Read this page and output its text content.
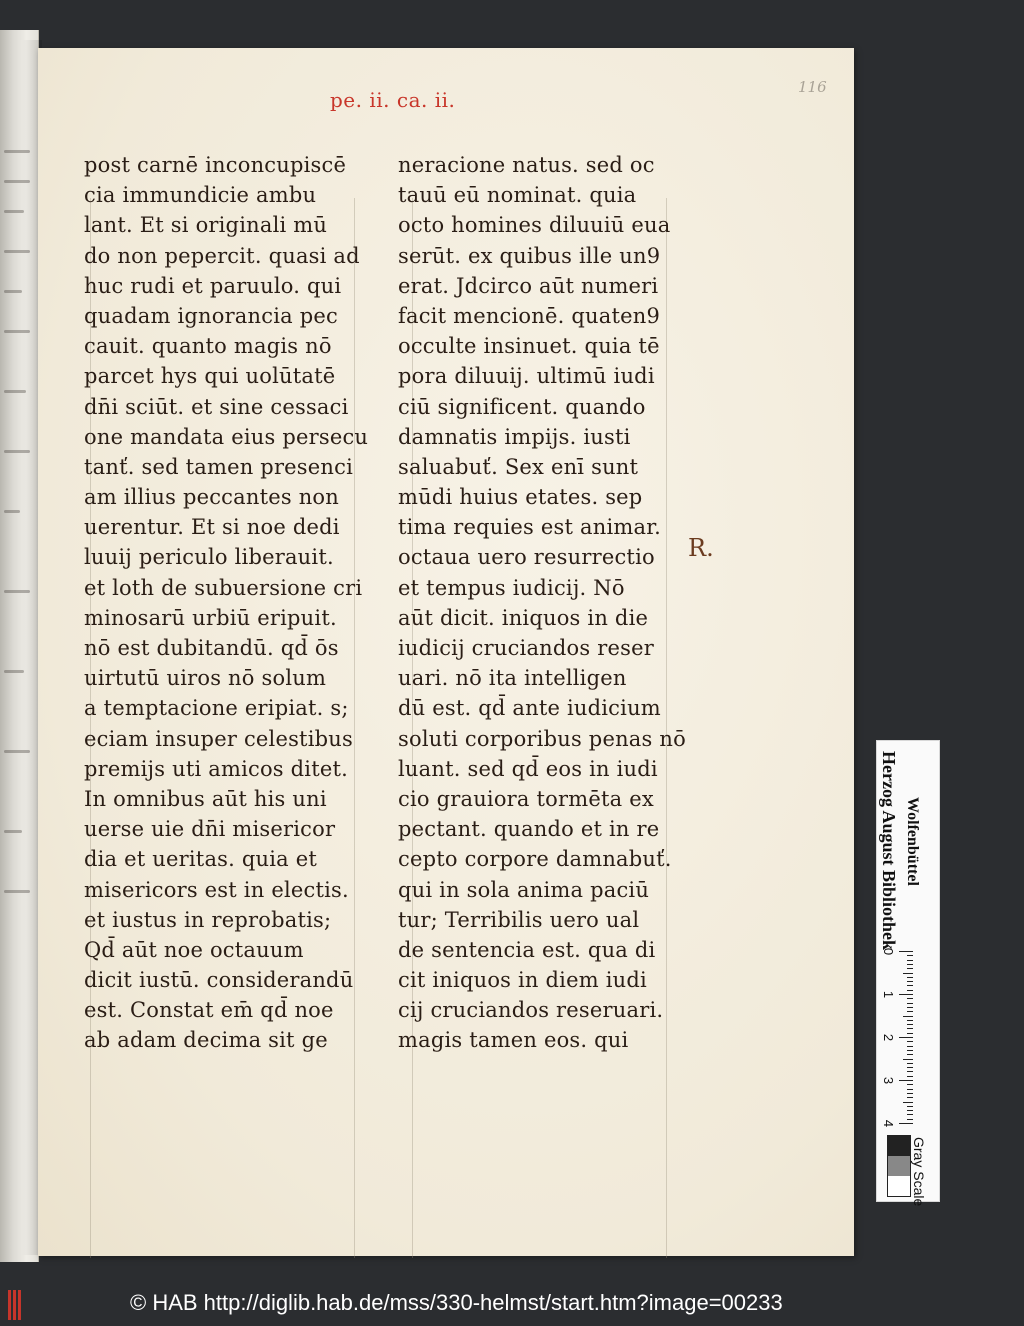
116
pe. ii. ca. ii.
post carnē inconcupiscē
cia immundicie ambu
lant. Et si originali mū
do non pepercit. quasi ad
huc rudi et paruulo. qui
quadam ignorancia pec
cauit. quanto magis nō
parcet hys qui uolūtatē
dn̄i sciūt. et sine cessaci
one mandata eius persecu
tanť. sed tamen presenci
am illius peccantes non
uerentur. Et si noe dedi
luuij periculo liberauit.
et loth de subuersione cri
minosarū urbiū eripuit.
nō est dubitandū. qd̄ ōs
uirtutū uiros nō solum
a temptacione eripiat. s;
eciam insuper celestibus
premijs uti amicos ditet.
In omnibus aūt his uni
uerse uie dn̄i misericor
dia et ueritas. quia et
misericors est in electis.
et iustus in reprobatis;
Qd̄ aūt noe octauum
dicit iustū. considerandū
est. Constat em̄ qd̄ noe
ab adam decima sit ge
neracione natus. sed oc
tauū eū nominat. quia
octo homines diluuiū eua
serūt. ex quibus ille un9
erat. Jdcirco aūt numeri
facit mencionē. quaten9
occulte insinuet. quia tē
pora diluuij. ultimū iudi
ciū significent. quando
damnatis impijs. iusti
saluabuť. Sex enī sunt
mūdi huius etates. sep
tima requies est animar.
octaua uero resurrectio
et tempus iudicij. Nō
aūt dicit. iniquos in die
iudicij cruciandos reser
uari. nō ita intelligen
dū est. qd̄ ante iudicium
soluti corporibus penas nō
luant. sed qd̄ eos in iudi
cio grauiora tormēta ex
pectant. quando et in re
cepto corpore damnabuť.
qui in sola anima paciū
tur; Terribilis uero ual
de sentencia est. qua di
cit iniquos in diem iudi
cij cruciandos reseruari.
magis tamen eos. qui
R.
Herzog August Bibliothek Wolfenbüttel
0
1
2
3
4
Gray Scale
© HAB http://diglib.hab.de/mss/330-helmst/start.htm?image=00233
